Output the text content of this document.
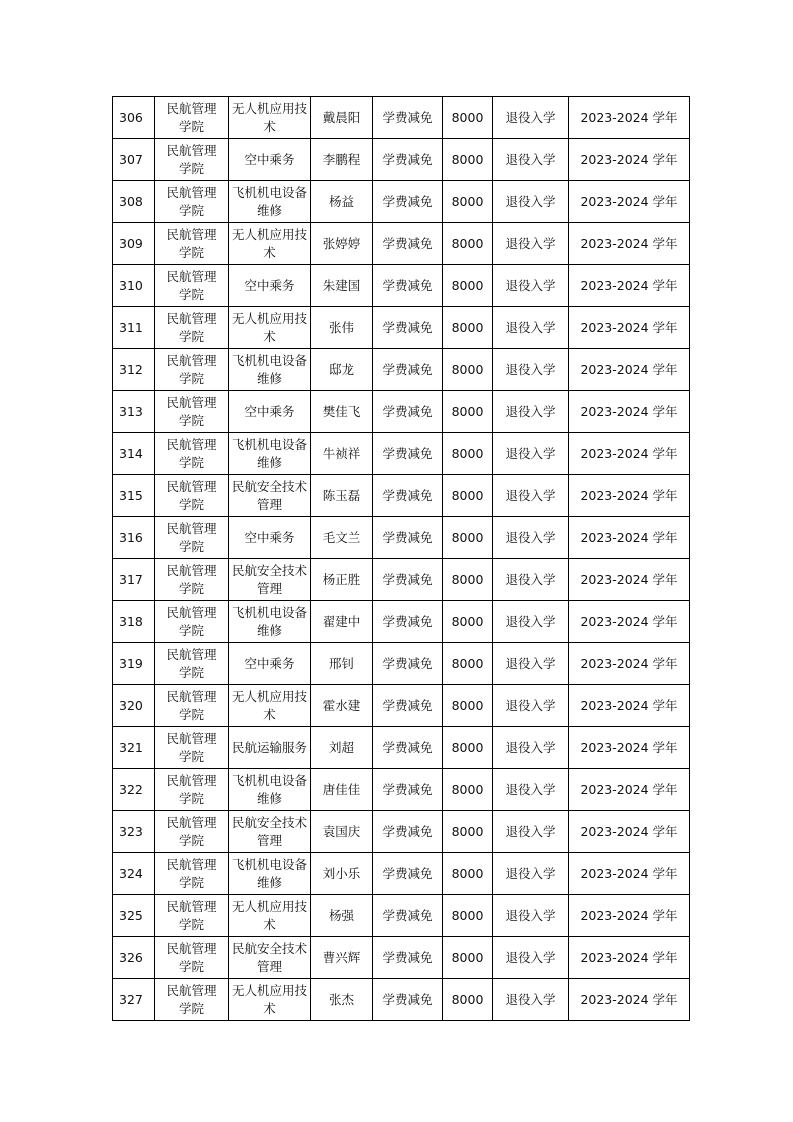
306	民航管理学院	无人机应用技术	戴晨阳	学费减免	8000	退役入学	2023-2024 学年
307	民航管理学院	空中乘务	李鹏程	学费减免	8000	退役入学	2023-2024 学年
308	民航管理学院	飞机机电设备维修	杨益	学费减免	8000	退役入学	2023-2024 学年
309	民航管理学院	无人机应用技术	张婷婷	学费减免	8000	退役入学	2023-2024 学年
310	民航管理学院	空中乘务	朱建国	学费减免	8000	退役入学	2023-2024 学年
311	民航管理学院	无人机应用技术	张伟	学费减免	8000	退役入学	2023-2024 学年
312	民航管理学院	飞机机电设备维修	邸龙	学费减免	8000	退役入学	2023-2024 学年
313	民航管理学院	空中乘务	樊佳飞	学费减免	8000	退役入学	2023-2024 学年
314	民航管理学院	飞机机电设备维修	牛祯祥	学费减免	8000	退役入学	2023-2024 学年
315	民航管理学院	民航安全技术管理	陈玉磊	学费减免	8000	退役入学	2023-2024 学年
316	民航管理学院	空中乘务	毛文兰	学费减免	8000	退役入学	2023-2024 学年
317	民航管理学院	民航安全技术管理	杨正胜	学费减免	8000	退役入学	2023-2024 学年
318	民航管理学院	飞机机电设备维修	翟建中	学费减免	8000	退役入学	2023-2024 学年
319	民航管理学院	空中乘务	邢钊	学费减免	8000	退役入学	2023-2024 学年
320	民航管理学院	无人机应用技术	霍水建	学费减免	8000	退役入学	2023-2024 学年
321	民航管理学院	民航运输服务	刘超	学费减免	8000	退役入学	2023-2024 学年
322	民航管理学院	飞机机电设备维修	唐佳佳	学费减免	8000	退役入学	2023-2024 学年
323	民航管理学院	民航安全技术管理	袁国庆	学费减免	8000	退役入学	2023-2024 学年
324	民航管理学院	飞机机电设备维修	刘小乐	学费减免	8000	退役入学	2023-2024 学年
325	民航管理学院	无人机应用技术	杨强	学费减免	8000	退役入学	2023-2024 学年
326	民航管理学院	民航安全技术管理	曹兴辉	学费减免	8000	退役入学	2023-2024 学年
327	民航管理学院	无人机应用技术	张杰	学费减免	8000	退役入学	2023-2024 学年
